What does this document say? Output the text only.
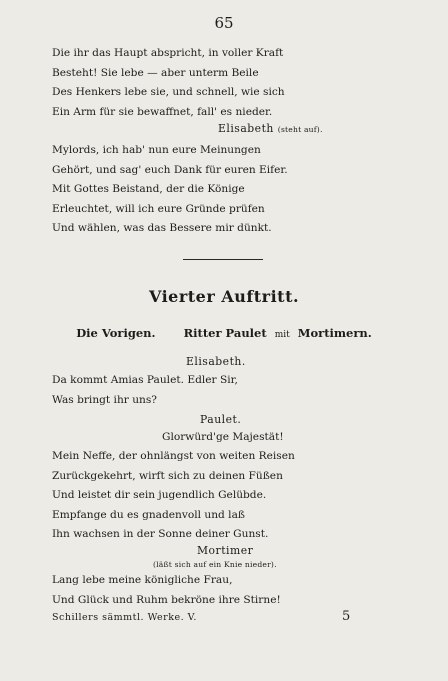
65
Die ihr das Haupt abspricht, in voller Kraft
Besteht! Sie lebe — aber unterm Beile
Des Henkers lebe sie, und schnell, wie sich
Ein Arm für sie bewaffnet, fall' es nieder.
Elisabeth (steht auf).
Mylords, ich hab' nun eure Meinungen
Gehört, und sag' euch Dank für euren Eifer.
Mit Gottes Beistand, der die Könige
Erleuchtet, will ich eure Gründe prüfen
Und wählen, was das Bessere mir dünkt.
Vierter Auftritt.
Die Vorigen. Ritter Paulet mit Mortimern.
Elisabeth.
Da kommt Amias Paulet. Edler Sir,
Was bringt ihr uns?
Paulet.
Glorwürd'ge Majestät!
Mein Neffe, der ohnlängst von weiten Reisen
Zurückgekehrt, wirft sich zu deinen Füßen
Und leistet dir sein jugendlich Gelübde.
Empfange du es gnadenvoll und laß
Ihn wachsen in der Sonne deiner Gunst.
Mortimer
(läßt sich auf ein Knie nieder).
Lang lebe meine königliche Frau,
Und Glück und Ruhm bekröne ihre Stirne!
Schillers sämmtl. Werke. V.	5
